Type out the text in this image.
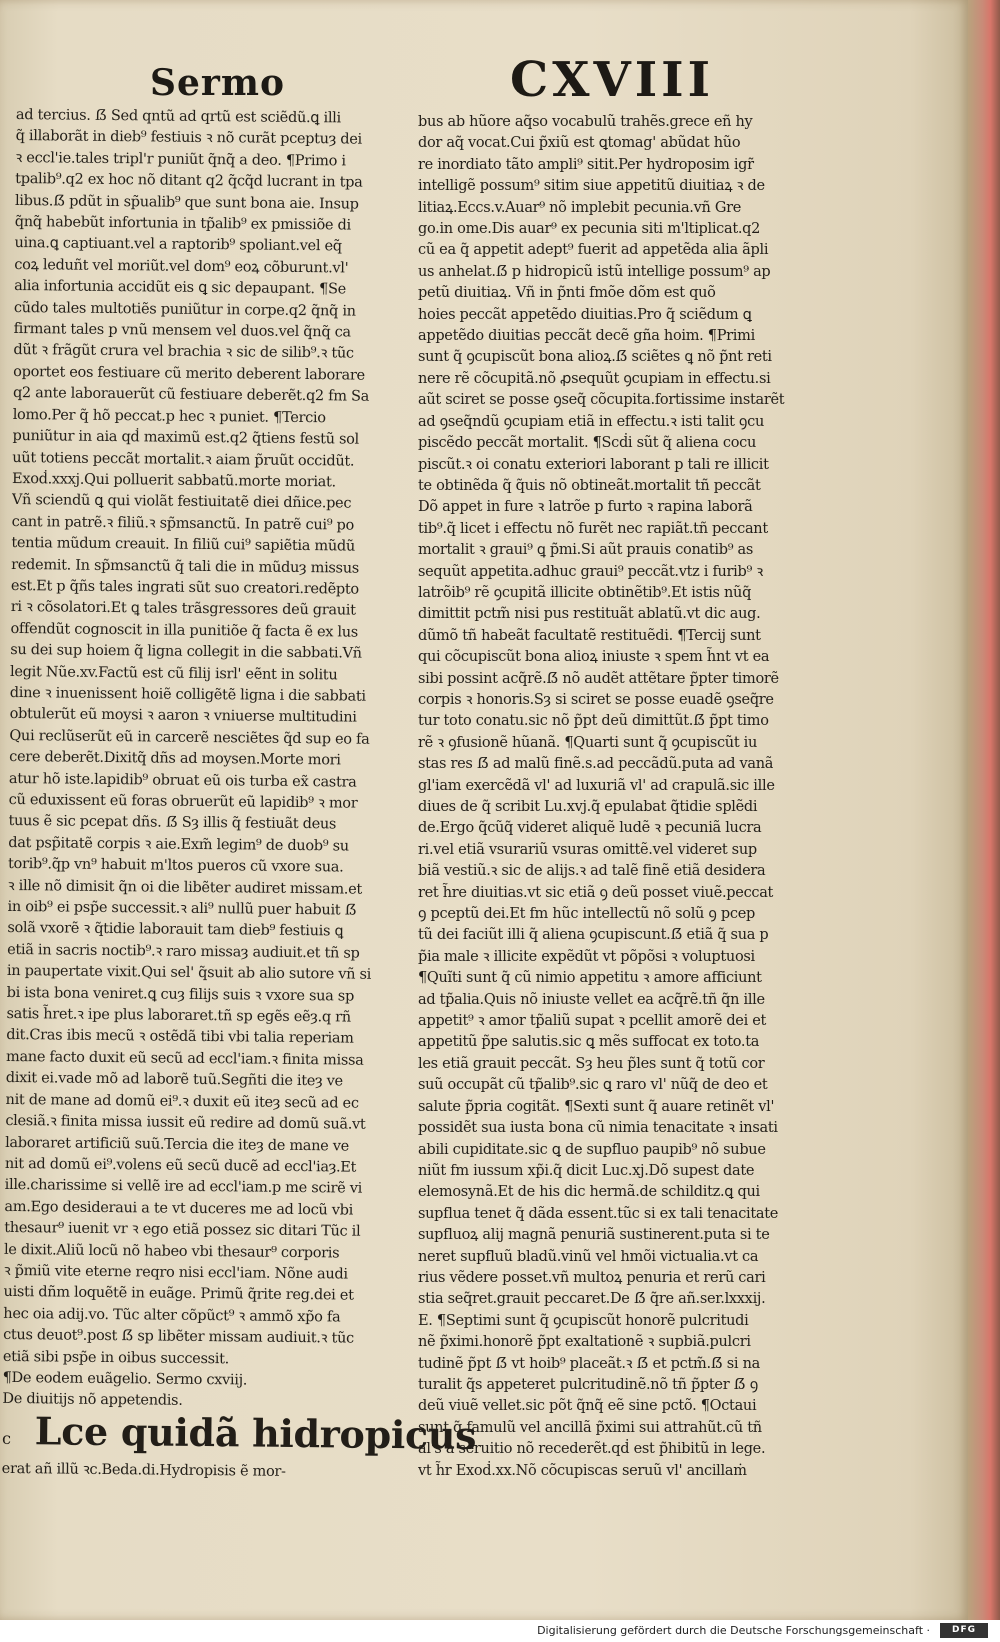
Sermo	CXVIII
ad tercius. ẞ Sed qntũ ad qrtũ est sciẽdũ.ꝗ illi
q̃ illaborãt in dieb⁹ festiuis ꝛ nõ curãt pceptuȝ dei
ꝛ eccl'ie.tales tripl'r puniũt q̃nq̃ a deo. ¶Primo i
tpalib⁹.q2 ex hoc nõ ditant q2 q̃cq̃d lucrant in tpa
libus.ẞ pdũt in sp̃ualib⁹ que sunt bona aie. Insup
q̃nq̃ habebũt infortunia in tp̃alib⁹ ex pmissiõe di
uina.ꝗ captiuant.vel a raptorib⁹ spoliant.vel eq̃
coꝝ leduñt vel moriũt.vel dom⁹ eoꝝ cõburunt.vl'
alia infortunia accidũt eis ꝗ sic depaupant. ¶Se
cũdo tales multotiẽs puniũtur in corpe.q2 q̃nq̃ in
firmant tales p vnũ mensem vel duos.vel q̃nq̃ ca
dũt ꝛ frãgũt crura vel brachia ꝛ sic de silib⁹.ꝛ tũc
oportet eos festiuare cũ merito deberent laborare
q2 ante laborauerũt cũ festiuare deberẽt.q2 fm Sa
lomo.Per q̃ hõ peccat.p hec ꝛ puniet. ¶Tercio
puniũtur in aia qḋ maximũ est.q2 q̃tiens festũ sol
uũt totiens peccãt mortalit.ꝛ aiam p̃ruũt occidũt.
Exoḋ.xxxj.Qui polluerit sabbatũ.morte moriat.
Vñ sciendũ ꝗ qui violãt festiuitatẽ diei dñice.pec
cant in patrẽ.ꝛ filiũ.ꝛ sp̃msanctũ. In patrẽ cui⁹ po
tentia mũdum creauit. In filiũ cui⁹ sapiẽtia mũdũ
redemit. In sp̃msanctũ q̃ tali die in mũduȝ missus
est.Et p q̃ñs tales ingrati sũt suo creatori.redẽpto
ri ꝛ cõsolatori.Et ꝗ tales trãsgressores deũ grauit
offendũt cognoscit in illa punitiõe q̃ facta ẽ ex lus
su dei sup hoiem q̃ ligna collegit in die sabbati.Vñ
legit Nũe.xv.Factũ est cũ filij isrl' eẽnt in solitu
dine ꝛ inuenissent hoiẽ colligẽtẽ ligna i die sabbati
obtulerũt eũ moysi ꝛ aaron ꝛ vniuerse multitudini
Qui reclũserũt eũ in carcerẽ nesciẽtes q̃d sup eo fa
cere deberẽt.Dixitq̃ dñs ad moysen.Morte mori
atur hõ iste.lapidib⁹ obruat eũ ois turba ex̃ castra
cũ eduxissent eũ foras obruerũt eũ lapidib⁹ ꝛ mor
tuus ẽ sic pcepat dñs. ẞ Sȝ illis q̃ festiuãt deus
dat psp̃itatẽ corpis ꝛ aie.Exm̃ legim⁹ de duob⁹ su
torib⁹.q̃p vn⁹ habuit m'ltos pueros cũ vxore sua.
ꝛ ille nõ dimisit q̃n oi die libẽter audiret missam.et
in oib⁹ ei psp̃e successit.ꝛ ali⁹ nullũ puer habuit ẞ
solã vxorẽ ꝛ q̃tidie laborauit tam dieb⁹ festiuis ꝗ
etiã in sacris noctib⁹.ꝛ raro missaȝ audiuit.et tñ sp
in paupertate vixit.Qui sel' q̃suit ab alio sutore vñ si
bi ista bona veniret.ꝗ cuȝ filijs suis ꝛ vxore sua sp
satis h̃ret.ꝛ ipe plus laboraret.tñ sp egẽs eẽȝ.q rñ
dit.Cras ibis mecũ ꝛ ostẽdã tibi vbi talia reperiam
mane facto duxit eũ secũ ad eccl'iam.ꝛ finita missa
dixit ei.vade mõ ad laborẽ tuũ.Segñti die iteȝ ve
nit de mane ad domũ ei⁹.ꝛ duxit eũ iteȝ secũ ad ec
clesiã.ꝛ finita missa iussit eũ redire ad domũ suã.vt
laboraret artificiũ suũ.Tercia die iteȝ de mane ve
nit ad domũ ei⁹.volens eũ secũ ducẽ ad eccl'iaȝ.Et
ille.charissime si vellẽ ire ad eccl'iam.p me scirẽ vi
am.Ego desideraui a te vt duceres me ad locũ vbi
thesaur⁹ iuenit vr ꝛ ego etiã possez sic ditari Tũc il
le dixit.Aliũ locũ nõ habeo vbi thesaur⁹ corporis
ꝛ p̃miũ vite eterne reqro nisi eccl'iam. Nõne audi
uisti dñm loquẽtẽ in euãge. Primũ q̃rite reg.dei et
hec oia adij.vo. Tũc alter cõpũct⁹ ꝛ ammõ xp̃o fa
ctus deuot⁹.post ẞ sp libẽter missam audiuit.ꝛ tũc
etiã sibi psp̃e in oibus successit.
¶De eodem euãgelio. Sermo cxviij.
De diuitijs nõ appetendis.
c Lce quidã hidropicus
erat añ illũ ꝛc.Beda.di.Hydropisis ẽ mor-
bus ab hũore aq̃so vocabulũ trahẽs.grece eñ hy
dor aq̃ vocat.Cui p̃xiũ est ꝗtomag' abũdat hũo
re inordiato tãto ampli⁹ sitit.Per hydroposim igr̃
intelligẽ possum⁹ sitim siue appetitũ diuitiaꝝ ꝛ de
litiaꝝ.Eccs.v.Auar⁹ nõ implebit pecunia.vñ Gre
go.in ome.Dis auar⁹ ex pecunia siti m'ltiplicat.q2
cũ ea q̃ appetit adept⁹ fuerit ad appetẽda alia ãpli
us anhelat.ẞ p hidropicũ istũ intellige possum⁹ ap
petũ diuitiaꝝ. Vñ in p̃nti fmõe dõm est quõ
hoies peccãt appetẽdo diuitias.Pro q̃ sciẽdum ꝗ
appetẽdo diuitias peccãt decẽ gña hoim. ¶Primi
sunt q̃ ꝯcupiscũt bona alioꝝ.ẞ sciẽtes ꝗ nõ p̃nt reti
nere rẽ cõcupitã.nõ ꝓsequũt ꝯcupiam in effectu.si
aũt sciret se posse ꝯseq̃ cõcupita.fortissime instarẽt
ad ꝯseq̃ndũ ꝯcupiam etiã in effectu.ꝛ isti talit ꝯcu
piscẽdo peccãt mortalit. ¶Scḋi sũt q̃ aliena cocu
piscũt.ꝛ oi conatu exteriori laborant p tali re illicit
te obtinẽda q̃ q̃uis nõ obtineãt.mortalit tñ peccãt
Dõ appet in fure ꝛ latrõe p furto ꝛ rapina laborã
tib⁹.q̃ licet i effectu nõ furẽt nec rapiãt.tñ peccant
mortalit ꝛ graui⁹ ꝗ p̃mi.Si aũt prauis conatib⁹ as
sequũt appetita.adhuc graui⁹ peccãt.vtz i furib⁹ ꝛ
latrõib⁹ rẽ ꝯcupitã illicite obtinẽtib⁹.Et istis nũq̃
dimittit pctm̃ nisi pus restituãt ablatũ.vt dic aug.
dũmõ tñ habeãt facultatẽ restituẽdi. ¶Tercij sunt
qui cõcupiscũt bona alioꝝ iniuste ꝛ spem h̃nt vt ea
sibi possint acq̃rẽ.ẞ nõ audẽt attẽtare p̃pter timorẽ
corpis ꝛ honoris.Sȝ si sciret se posse euadẽ ꝯseq̃re
tur toto conatu.sic nõ p̃pt deũ dimittũt.ẞ p̃pt timo
rẽ ꝛ ꝯfusionẽ hũanã. ¶Quarti sunt q̃ ꝯcupiscũt iu
stas res ẞ ad malũ finẽ.s.ad peccãdũ.puta ad vanã
gl'iam exercẽdã vl' ad luxuriã vl' ad crapulã.sic ille
diues de q̃ scribit Lu.xvj.q̃ epulabat q̃tidie splẽdi
de.Ergo q̃cũq̃ videret aliquẽ ludẽ ꝛ pecuniã lucra
ri.vel etiã vsurariũ vsuras omittẽ.vel videret sup
biã vestiũ.ꝛ sic de alijs.ꝛ ad talẽ finẽ etiã desidera
ret h̃re diuitias.vt sic etiã ꝯ deũ posset viuẽ.peccat
ꝯ pceptũ dei.Et fm hũc intellectũ nõ solũ ꝯ pcep
tũ dei faciũt illi q̃ aliena ꝯcupiscunt.ẞ etiã q̃ sua p
p̃ia male ꝛ illicite expẽdũt vt põpõsi ꝛ voluptuosi
¶Quĩti sunt q̃ cũ nimio appetitu ꝛ amore afficiunt
ad tp̃alia.Quis nõ iniuste vellet ea acq̃rẽ.tñ q̃n ille
appetit⁹ ꝛ amor tp̃aliũ supat ꝛ pcellit amorẽ dei et
appetitũ p̃pe salutis.sic ꝗ mẽs suffocat ex toto.ta
les etiã grauit peccãt. Sȝ heu p̃les sunt q̃ totũ cor
suũ occupãt cũ tp̃alib⁹.sic ꝗ raro vl' nũq̃ de deo et
salute p̃pria cogitãt. ¶Sexti sunt q̃ auare retinẽt vl'
possidẽt sua iusta bona cũ nimia tenacitate ꝛ insati
abili cupiditate.sic ꝗ de supfluo paupib⁹ nõ subue
niũt fm iussum xp̃i.q̃ dicit Luc.xj.Dõ supest date
elemosynã.Et de his dic hermã.de schilditz.ꝗ qui
supflua tenet q̃ dãda essent.tũc si ex tali tenacitate
supfluoꝝ alij magnã penuriã sustinerent.puta si te
neret supfluũ bladũ.vinũ vel hmõi victualia.vt ca
rius vẽdere posset.vñ multoꝝ penuria et rerũ cari
stia seq̃ret.grauit peccaret.De ẞ q̃re añ.ser.lxxxij.
E. ¶Septimi sunt q̃ ꝯcupiscũt honorẽ pulcritudi
nẽ p̃ximi.honorẽ p̃pt exaltationẽ ꝛ supbiã.pulcri
tudinẽ p̃pt ẞ vt hoib⁹ placeãt.ꝛ ẞ et pctm̃.ẞ si na
turalit q̃s appeteret pulcritudinẽ.nõ tñ p̃pter ẞ ꝯ
deũ viuẽ vellet.sic põt q̃nq̃ eẽ sine pctõ. ¶Octaui
sunt q̃ famulũ vel ancillã p̃ximi sui attrahũt.cũ tñ
al's a seruitio nõ recederẽt.qḋ est p̃hibitũ in lege.
vt h̃r Exoḋ.xx.Nõ cõcupiscas seruũ vl' ancillaṁ
Digitalisierung gefördert durch die Deutsche Forschungsgemeinschaft ·	DFG
